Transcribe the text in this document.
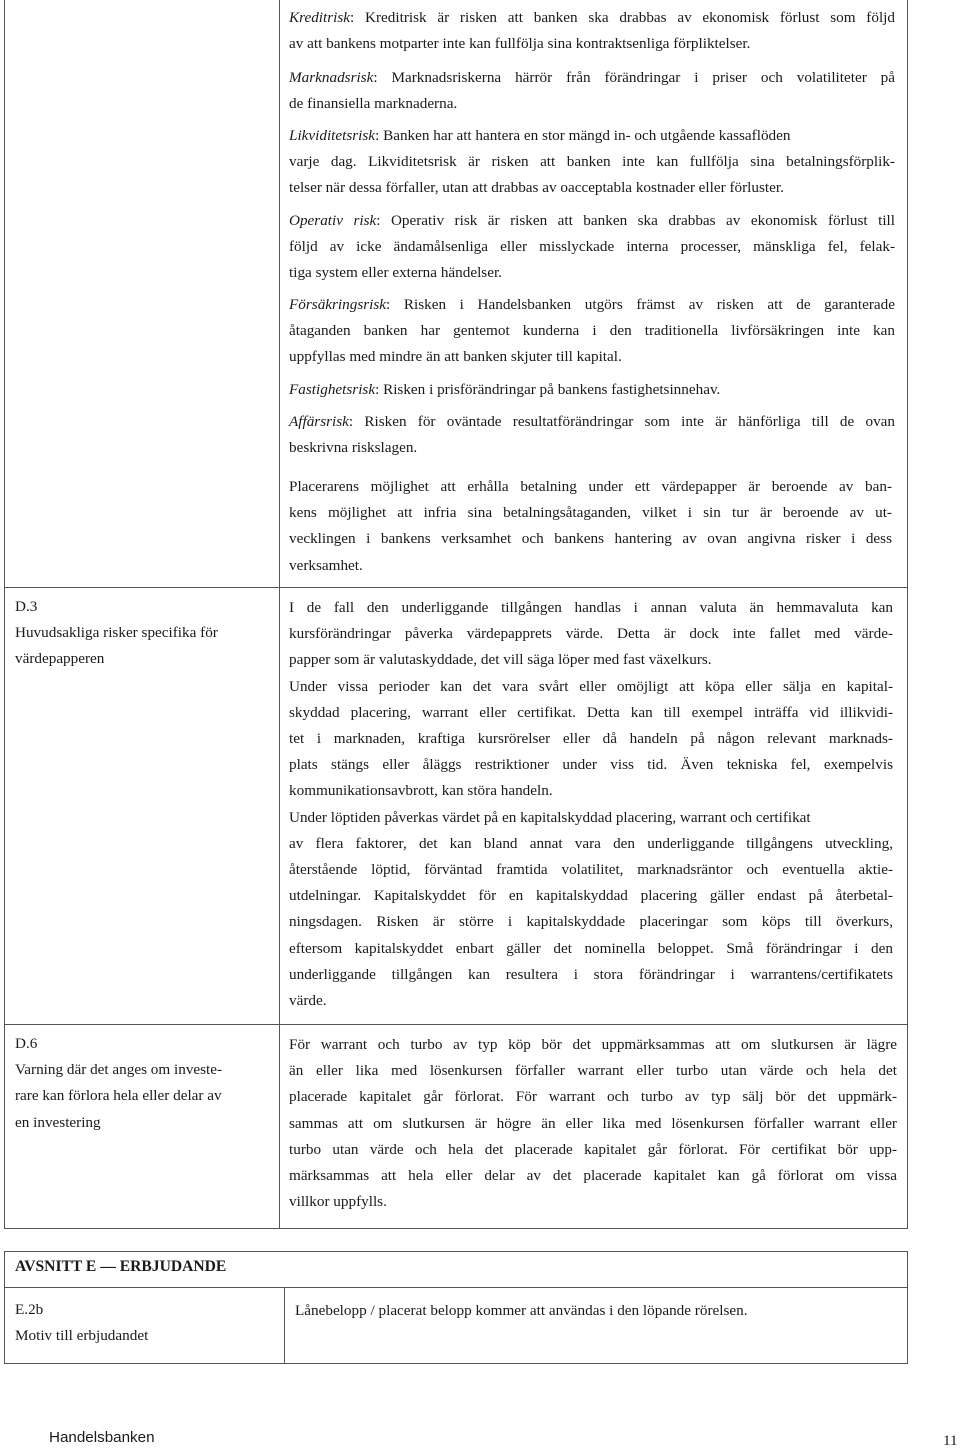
Kreditrisk: Kreditrisk är risken att banken ska drabbas av ekonomisk förlust som följd
av att bankens motparter inte kan fullfölja sina kontraktsenliga förpliktelser.
Marknadsrisk: Marknadsriskerna härrör från förändringar i priser och volatiliteter på
de finansiella marknaderna.
Likviditetsrisk: Banken har att hantera en stor mängd in- och utgående kassaflöden
varje dag. Likviditetsrisk är risken att banken inte kan fullfölja sina betalningsförplik-
telser när dessa förfaller, utan att drabbas av oacceptabla kostnader eller förluster.
Operativ risk: Operativ risk är risken att banken ska drabbas av ekonomisk förlust till
följd av icke ändamålsenliga eller misslyckade interna processer, mänskliga fel, felak-
tiga system eller externa händelser.
Försäkringsrisk: Risken i Handelsbanken utgörs främst av risken att de garanterade
åtaganden banken har gentemot kunderna i den traditionella livförsäkringen inte kan
uppfyllas med mindre än att banken skjuter till kapital.
Fastighetsrisk: Risken i prisförändringar på bankens fastighetsinnehav.
Affärsrisk: Risken för oväntade resultatförändringar som inte är hänförliga till de ovan
beskrivna riskslagen.
Placerarens möjlighet att erhålla betalning under ett värdepapper är beroende av ban-
kens möjlighet att infria sina betalningsåtaganden, vilket i sin tur är beroende av ut-
vecklingen i bankens verksamhet och bankens hantering av ovan angivna risker i dess
verksamhet.
D.3
Huvudsakliga risker specifika för
värdepapperen
I de fall den underliggande tillgången handlas i annan valuta än hemmavaluta kan
kursförändringar påverka värdepapprets värde. Detta är dock inte fallet med värde-
papper som är valutaskyddade, det vill säga löper med fast växelkurs.
Under vissa perioder kan det vara svårt eller omöjligt att köpa eller sälja en kapital-
skyddad placering, warrant eller certifikat. Detta kan till exempel inträffa vid illikvidi-
tet i marknaden, kraftiga kursrörelser eller då handeln på någon relevant marknads-
plats stängs eller åläggs restriktioner under viss tid. Även tekniska fel, exempelvis
kommunikationsavbrott, kan störa handeln.
Under löptiden påverkas värdet på en kapitalskyddad placering, warrant och certifikat
av flera faktorer, det kan bland annat vara den underliggande tillgångens utveckling,
återstående löptid, förväntad framtida volatilitet, marknadsräntor och eventuella aktie-
utdelningar. Kapitalskyddet för en kapitalskyddad placering gäller endast på återbetal-
ningsdagen. Risken är större i kapitalskyddade placeringar som köps till överkurs,
eftersom kapitalskyddet enbart gäller det nominella beloppet. Små förändringar i den
underliggande tillgången kan resultera i stora förändringar i warrantens/certifikatets
värde.
D.6
Varning där det anges om investe-
rare kan förlora hela eller delar av
en investering
För warrant och turbo av typ köp bör det uppmärksammas att om slutkursen är lägre
än eller lika med lösenkursen förfaller warrant eller turbo utan värde och hela det
placerade kapitalet går förlorat. För warrant och turbo av typ sälj bör det uppmärk-
sammas att om slutkursen är högre än eller lika med lösenkursen förfaller warrant eller
turbo utan värde och hela det placerade kapitalet går förlorat. För certifikat bör upp-
märksammas att hela eller delar av det placerade kapitalet kan gå förlorat om vissa
villkor uppfylls.
AVSNITT E — ERBJUDANDE
E.2b
Motiv till erbjudandet
Lånebelopp / placerat belopp kommer att användas i den löpande rörelsen.
Handelsbanken	11
